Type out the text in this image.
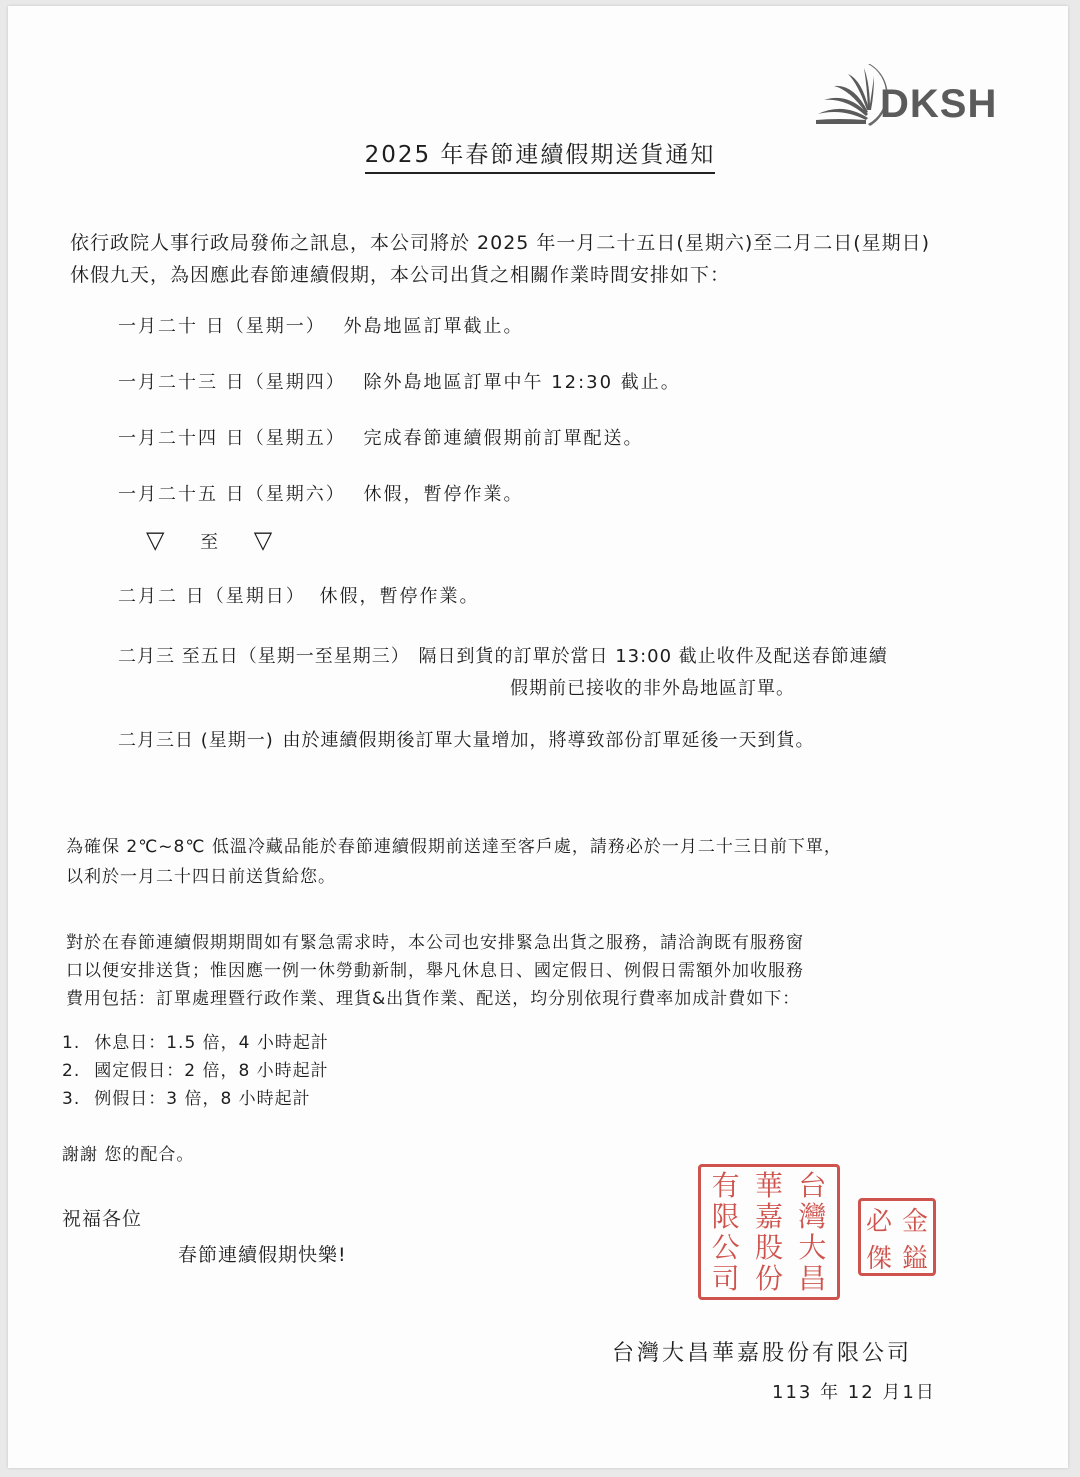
DKSH
2025 年春節連續假期送貨通知
依行政院人事行政局發佈之訊息，本公司將於 2025 年一月二十五日(星期六)至二月二日(星期日)
休假九天，為因應此春節連續假期，本公司出貨之相關作業時間安排如下：
一月二十 日（星期一） 外島地區訂單截止。
一月二十三 日（星期四） 除外島地區訂單中午 12:30 截止。
一月二十四 日（星期五） 完成春節連續假期前訂單配送。
一月二十五 日（星期六） 休假，暫停作業。
▽ 至 ▽
二月二 日（星期日） 休假，暫停作業。
二月三 至五日（星期一至星期三） 隔日到貨的訂單於當日 13:00 截止收件及配送春節連續
假期前已接收的非外島地區訂單。
二月三日 (星期一) 由於連續假期後訂單大量增加，將導致部份訂單延後一天到貨。
為確保 2℃~8℃ 低溫冷藏品能於春節連續假期前送達至客戶處，請務必於一月二十三日前下單，
以利於一月二十四日前送貨給您。
對於在春節連續假期期間如有緊急需求時，本公司也安排緊急出貨之服務，請洽詢既有服務窗
口以便安排送貨；惟因應一例一休勞動新制，舉凡休息日、國定假日、例假日需額外加收服務
費用包括：訂單處理暨行政作業、理貨&出貨作業、配送，均分別依現行費率加成計費如下：
1. 休息日：1.5 倍，4 小時起計
2. 國定假日：2 倍，8 小時起計
3. 例假日：3 倍，8 小時起計
謝謝 您的配合。
祝福各位
春節連續假期快樂!
台
灣
大
昌
華
嘉
股
份
有
限
公
司
金
鎰
必
傑
台灣大昌華嘉股份有限公司
113 年 12 月1日
